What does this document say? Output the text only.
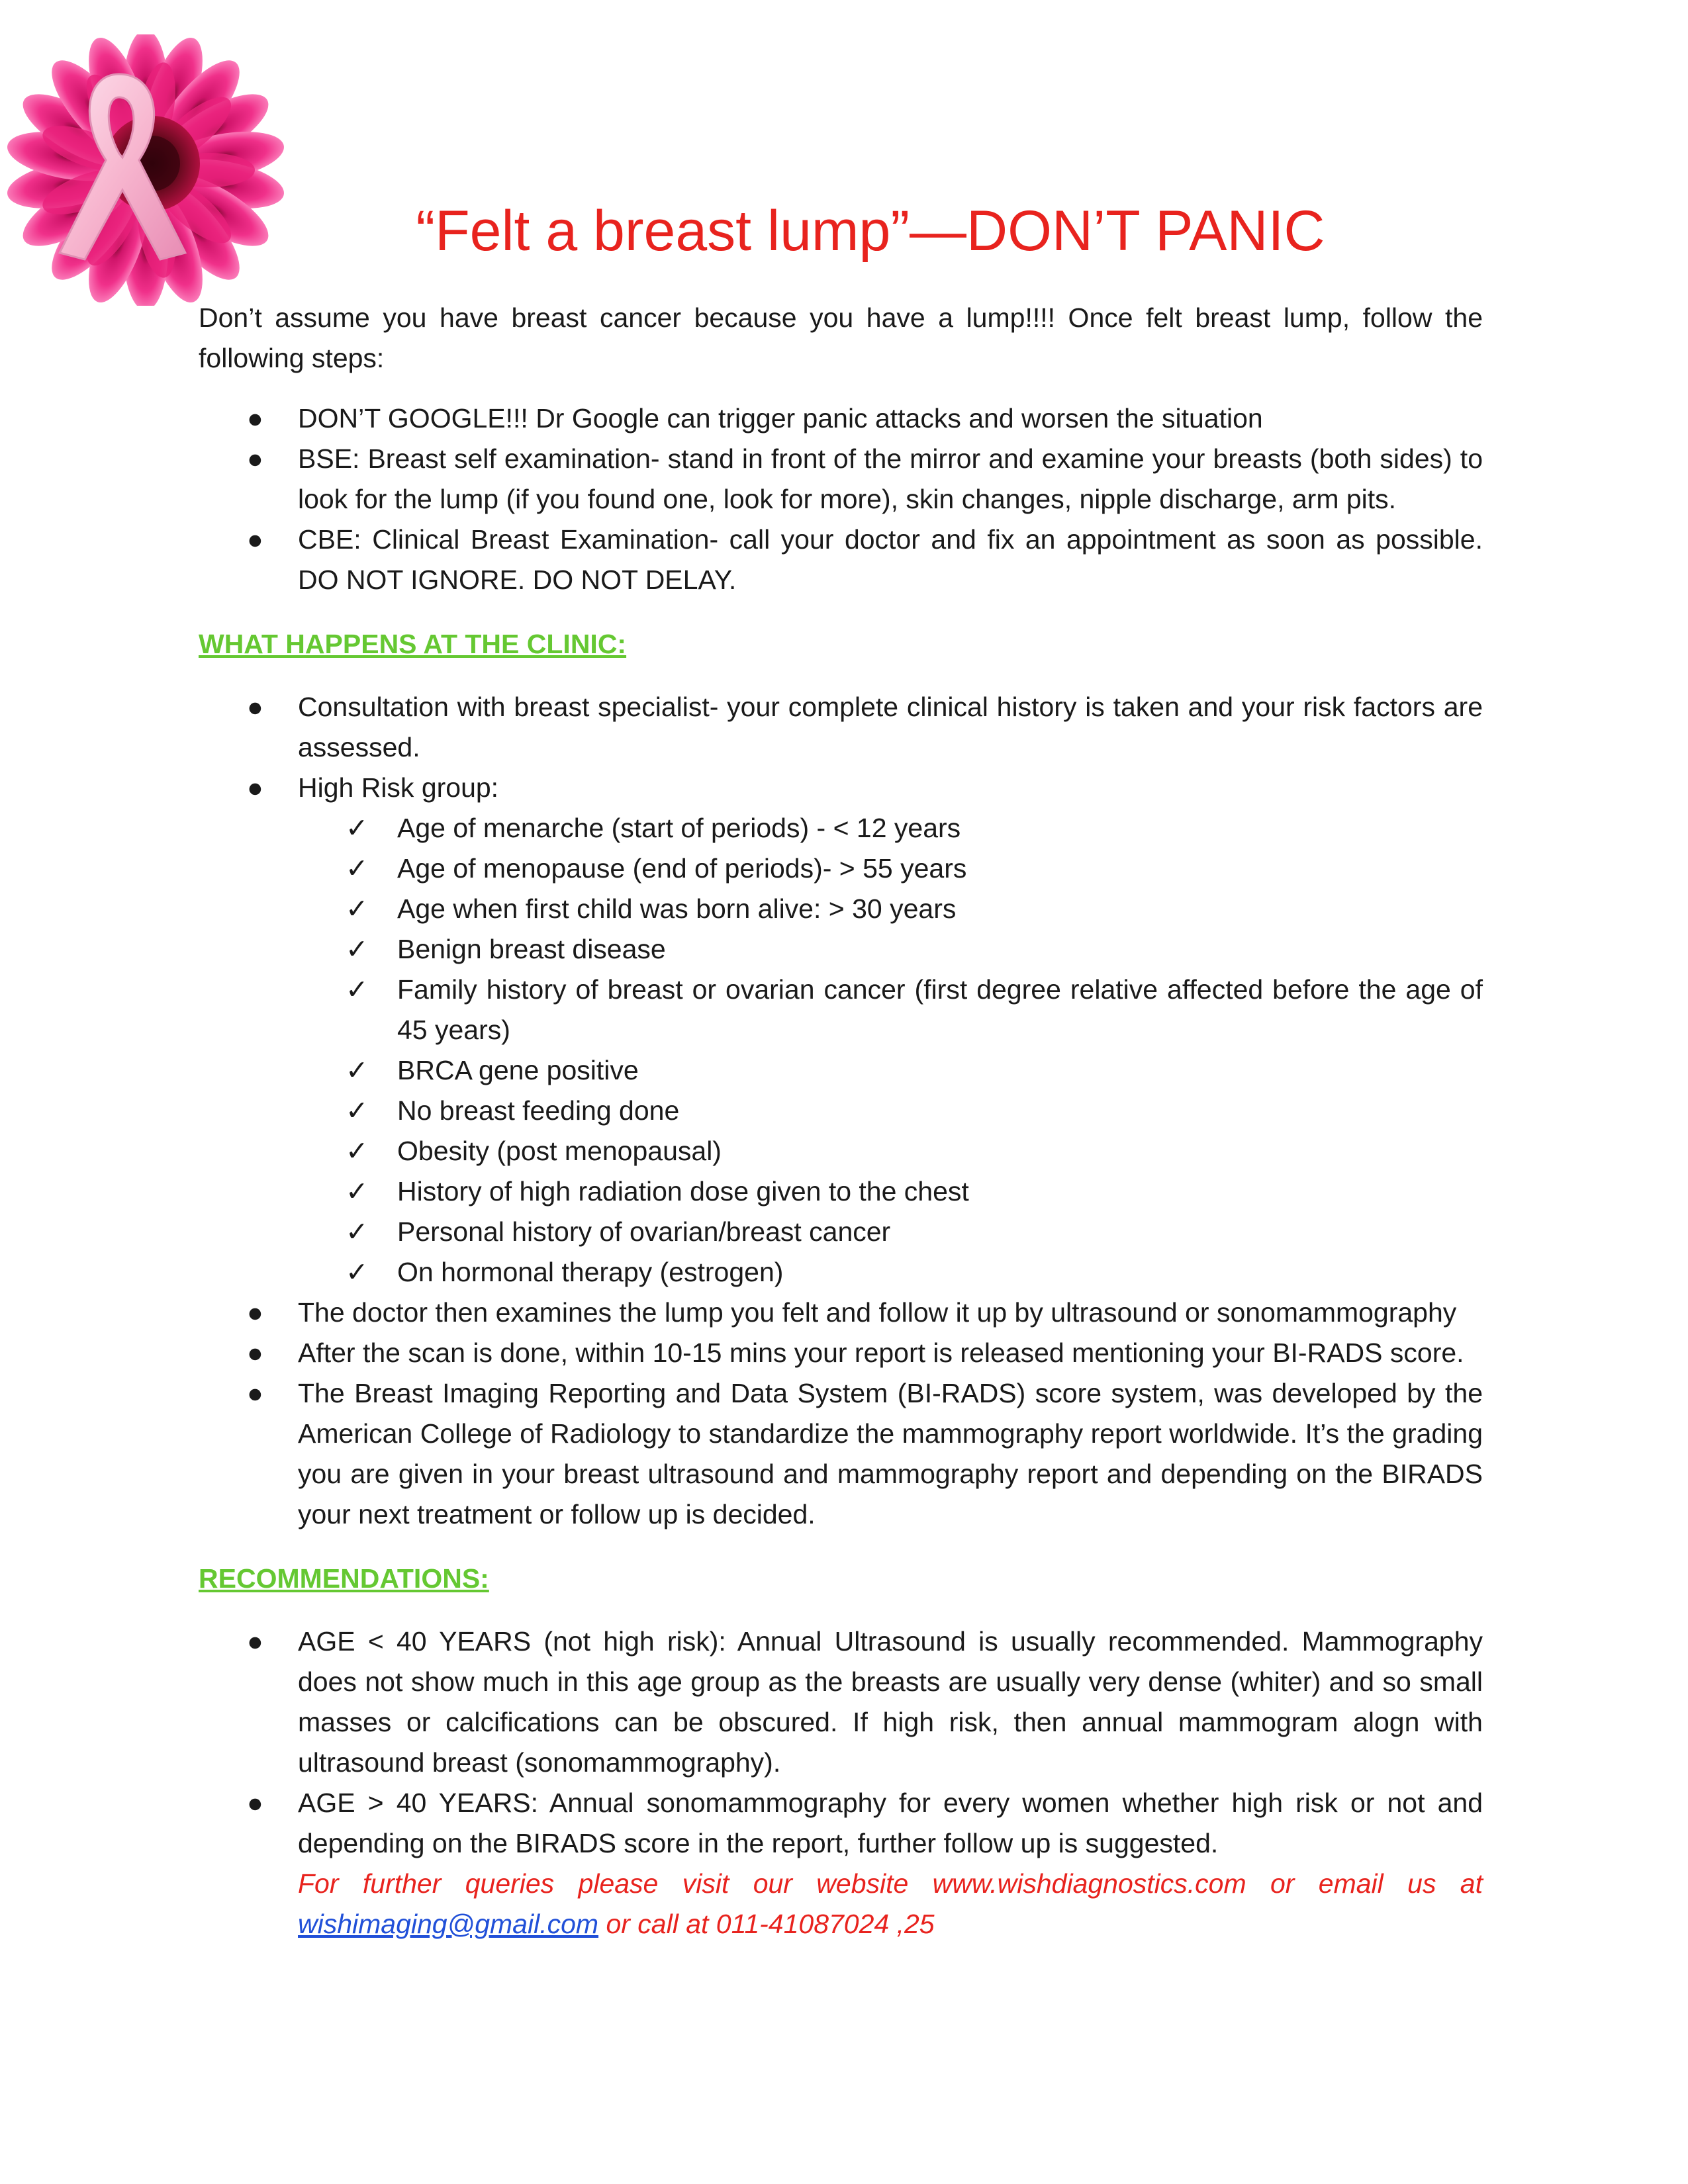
“Felt a breast lump”—DON’T PANIC

Don’t assume you have breast cancer because you have a lump!!!! Once felt breast lump, follow the following steps:

● DON’T GOOGLE!!! Dr Google can trigger panic attacks and worsen the situation
● BSE: Breast self examination- stand in front of the mirror and examine your breasts (both sides) to look for the lump (if you found one, look for more), skin changes, nipple discharge, arm pits.
● CBE: Clinical Breast Examination- call your doctor and fix an appointment as soon as possible. DO NOT IGNORE. DO NOT DELAY.
WHAT HAPPENS AT THE CLINIC:
● Consultation with breast specialist- your complete clinical history is taken and your risk factors are assessed.
● High Risk group:
✓ Age of menarche (start of periods) - < 12 years
✓ Age of menopause (end of periods)- > 55 years
✓ Age when first child was born alive: > 30 years
✓ Benign breast disease
✓ Family history of breast or ovarian cancer (first degree relative affected before the age of 45 years)
✓ BRCA gene positive
✓ No breast feeding done
✓ Obesity (post menopausal)
✓ History of high radiation dose given to the chest
✓ Personal history of ovarian/breast cancer
✓ On hormonal therapy (estrogen)
● The doctor then examines the lump you felt and follow it up by ultrasound or sonomammography
● After the scan is done, within 10-15 mins your report is released mentioning your BI-RADS score.
● The Breast Imaging Reporting and Data System (BI-RADS) score system, was developed by the American College of Radiology to standardize the mammography report worldwide. It’s the grading you are given in your breast ultrasound and mammography report and depending on the BIRADS your next treatment or follow up is decided.
RECOMMENDATIONS:
● AGE < 40 YEARS (not high risk): Annual Ultrasound is usually recommended. Mammography does not show much in this age group as the breasts are usually very dense (whiter) and so small masses or calcifications can be obscured. If high risk, then annual mammogram alogn with ultrasound breast (sonomammography).
● AGE > 40 YEARS: Annual sonomammography for every women whether high risk or not and depending on the BIRADS score in the report, further follow up is suggested.
For further queries please visit our website www.wishdiagnostics.com or email us at wishimaging@gmail.com or call at 011-41087024 ,25
